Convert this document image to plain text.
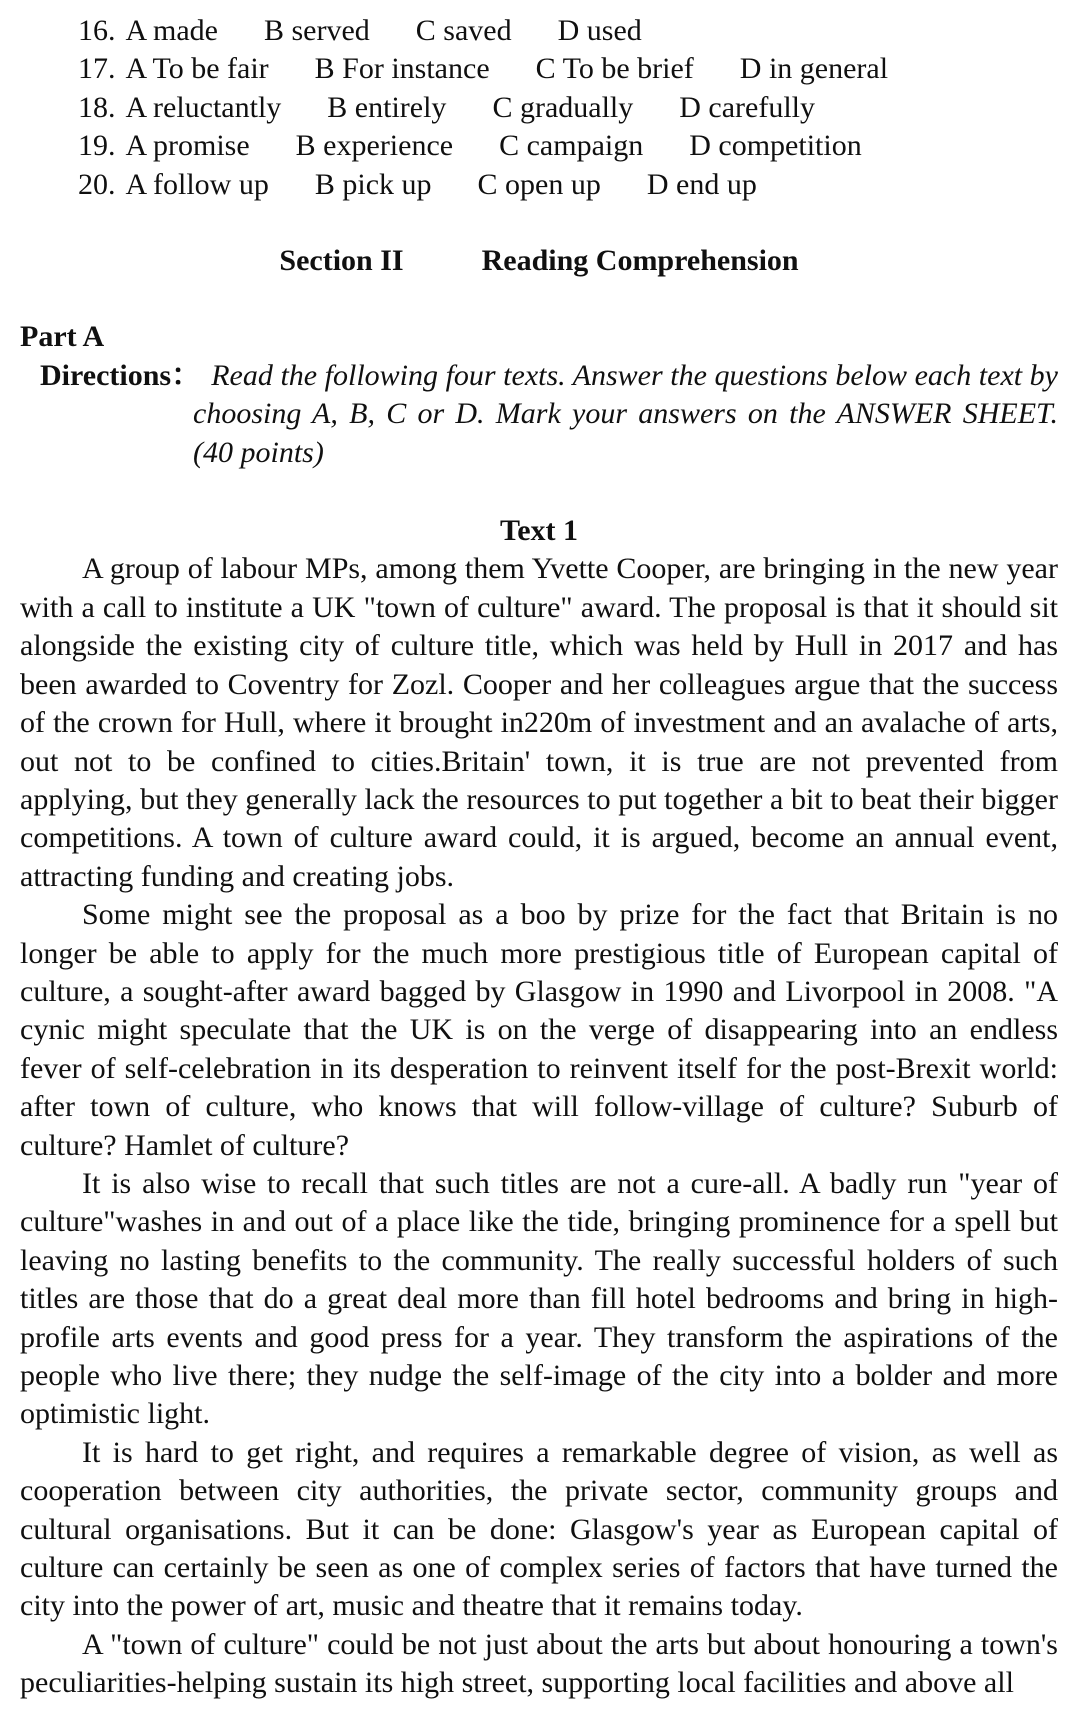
16. A made B served C saved D used
17. A To be fair B For instance C To be brief D in general
18. A reluctantly B entirely C gradually D carefully
19. A promise B experience C campaign D competition
20. A follow up B pick up C open up D end up
Section II	Reading Comprehension
Part A
Directions： Read the following four texts. Answer the questions below each text by choosing A, B, C or D. Mark your answers on the ANSWER SHEET. (40 points)
Text 1

A group of labour MPs, among them Yvette Cooper, are bringing in the new year with a call to institute a UK "town of culture" award. The proposal is that it should sit alongside the existing city of culture title, which was held by Hull in 2017 and has been awarded to Coventry for Zozl. Cooper and her colleagues argue that the success of the crown for Hull, where it brought in220m of investment and an avalache of arts, out not to be confined to cities.Britain' town, it is true are not prevented from applying, but they generally lack the resources to put together a bit to beat their bigger competitions. A town of culture award could, it is argued, become an annual event, attracting funding and creating jobs.

Some might see the proposal as a boo by prize for the fact that Britain is no longer be able to apply for the much more prestigious title of European capital of culture, a sought-after award bagged by Glasgow in 1990 and Livorpool in 2008. "A cynic might speculate that the UK is on the verge of disappearing into an endless fever of self-celebration in its desperation to reinvent itself for the post-Brexit world: after town of culture, who knows that will follow-village of culture? Suburb of culture? Hamlet of culture?

It is also wise to recall that such titles are not a cure-all. A badly run "year of culture"washes in and out of a place like the tide, bringing prominence for a spell but leaving no lasting benefits to the community. The really successful holders of such titles are those that do a great deal more than fill hotel bedrooms and bring in high-profile arts events and good press for a year. They transform the aspirations of the people who live there; they nudge the self-image of the city into a bolder and more optimistic light.

It is hard to get right, and requires a remarkable degree of vision, as well as cooperation between city authorities, the private sector, community groups and cultural organisations. But it can be done: Glasgow's year as European capital of culture can certainly be seen as one of complex series of factors that have turned the city into the power of art, music and theatre that it remains today.

A "town of culture" could be not just about the arts but about honouring a town's peculiarities-helping sustain its high street, supporting local facilities and above all
